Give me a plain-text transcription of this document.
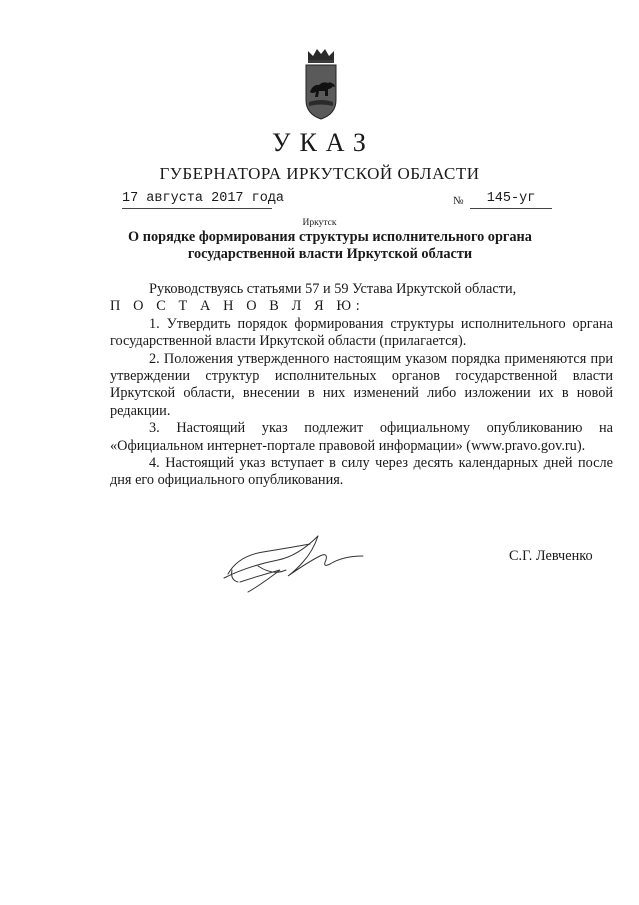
УКАЗ
ГУБЕРНАТОРА ИРКУТСКОЙ ОБЛАСТИ
17 августа 2017 года	№	145-уг
Иркутск
О порядке формирования структуры исполнительного органа
государственной власти Иркутской области

Руководствуясь статьями 57 и 59 Устава Иркутской области,

П О С Т А Н О В Л Я Ю:

1. Утвердить порядок формирования структуры исполнительного органа государственной власти Иркутской области (прилагается).

2. Положения утвержденного настоящим указом порядка применяются при утверждении структур исполнительных органов государственной власти Иркутской области, внесении в них изменений либо изложении их в новой редакции.

3. Настоящий указ подлежит официальному опубликованию на «Официальном интернет-портале правовой информации» (www.pravo.gov.ru).

4. Настоящий указ вступает в силу через десять календарных дней после дня его официального опубликования.

С.Г. Левченко
